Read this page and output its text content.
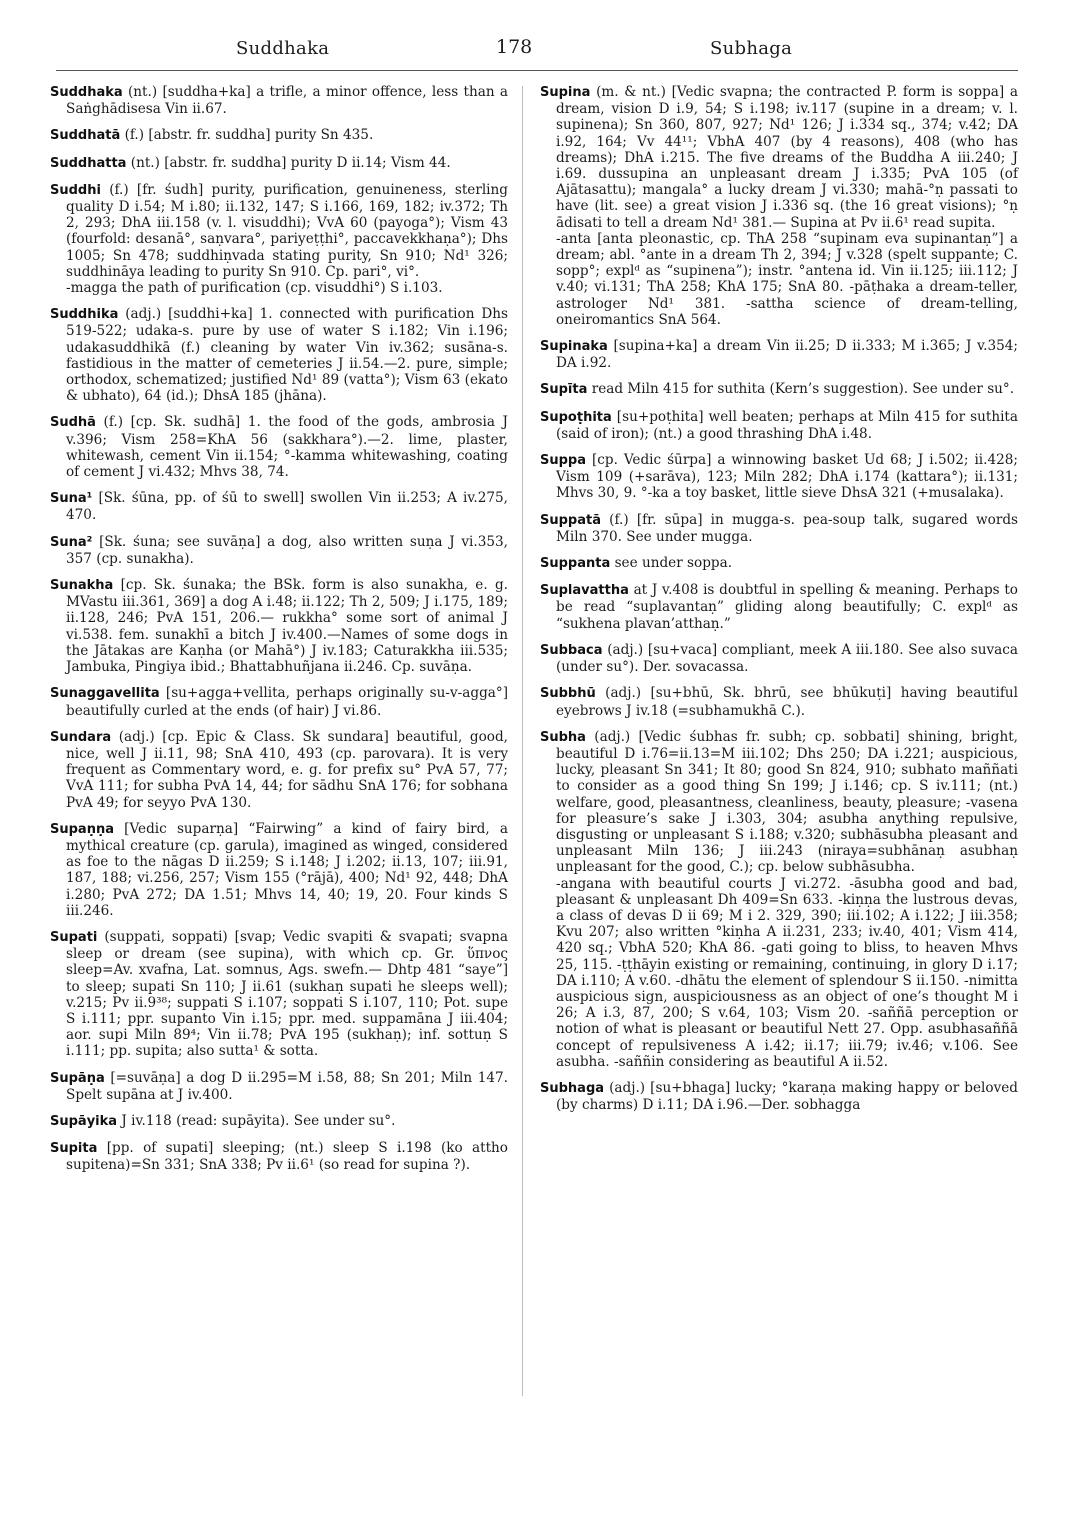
Suddhaka	178	Subhaga

Suddhaka (nt.) [suddha+ka] a trifle, a minor offence, less than a Saṅghādisesa Vin ii.67.

Suddhatā (f.) [abstr. fr. suddha] purity Sn 435.

Suddhatta (nt.) [abstr. fr. suddha] purity D ii.14; Vism 44.

Suddhi (f.) [fr. śudh] purity, purification, genuineness, sterling quality D i.54; M i.80; ii.132, 147; S i.166, 169, 182; iv.372; Th 2, 293; DhA iii.158 (v. l. visuddhi); VvA 60 (payoga°); Vism 43 (fourfold: desanā°, saṇvara°, pariyeṭṭhi°, paccavekkhaṇa°); Dhs 1005; Sn 478; suddhiṇvada stating purity, Sn 910; Nd¹ 326; suddhināya leading to purity Sn 910. Cp. pari°, vi°.

-magga the path of purification (cp. visuddhi°) S i.103.

Suddhika (adj.) [suddhi+ka] 1. connected with purification Dhs 519-522; udaka-s. pure by use of water S i.182; Vin i.196; udakasuddhikā (f.) cleaning by water Vin iv.362; susāna-s. fastidious in the matter of cemeteries J ii.54.—2. pure, simple; orthodox, schematized; justified Nd¹ 89 (vatta°); Vism 63 (ekato & ubhato), 64 (id.); DhsA 185 (jhāna).

Sudhā (f.) [cp. Sk. sudhā] 1. the food of the gods, ambrosia J v.396; Vism 258=KhA 56 (sakkhara°).—2. lime, plaster, whitewash, cement Vin ii.154; °-kamma whitewashing, coating of cement J vi.432; Mhvs 38, 74.

Suna¹ [Sk. śūna, pp. of śū to swell] swollen Vin ii.253; A iv.275, 470.

Suna² [Sk. śuna; see suvāṇa] a dog, also written suṇa J vi.353, 357 (cp. sunakha).

Sunakha [cp. Sk. śunaka; the BSk. form is also sunakha, e. g. MVastu iii.361, 369] a dog A i.48; ii.122; Th 2, 509; J i.175, 189; ii.128, 246; PvA 151, 206.— rukkha° some sort of animal J vi.538. fem. sunakhī a bitch J iv.400.—Names of some dogs in the Jātakas are Kaṇha (or Mahā°) J iv.183; Caturakkha iii.535; Jambuka, Pingiya ibid.; Bhattabhuñjana ii.246. Cp. suvāṇa.

Sunaggavellita [su+agga+vellita, perhaps originally su-v-agga°] beautifully curled at the ends (of hair) J vi.86.

Sundara (adj.) [cp. Epic & Class. Sk sundara] beautiful, good, nice, well J ii.11, 98; SnA 410, 493 (cp. parovara). It is very frequent as Commentary word, e. g. for prefix su° PvA 57, 77; VvA 111; for subha PvA 14, 44; for sādhu SnA 176; for sobhana PvA 49; for seyyo PvA 130.

Supaṇṇa [Vedic suparṇa] “Fairwing” a kind of fairy bird, a mythical creature (cp. garula), imagined as winged, considered as foe to the nāgas D ii.259; S i.148; J i.202; ii.13, 107; iii.91, 187, 188; vi.256, 257; Vism 155 (°rājā), 400; Nd¹ 92, 448; DhA i.280; PvA 272; DA 1.51; Mhvs 14, 40; 19, 20. Four kinds S iii.246.

Supati (suppati, soppati) [svap; Vedic svapiti & svapati; svapna sleep or dream (see supina), with which cp. Gr. ὕπνος sleep=Av. xvafna, Lat. somnus, Ags. swefn.— Dhtp 481 “saye”] to sleep; supati Sn 110; J ii.61 (sukhaṇ supati he sleeps well); v.215; Pv ii.9³⁸; suppati S i.107; soppati S i.107, 110; Pot. supe S i.111; ppr. supanto Vin i.15; ppr. med. suppamāna J iii.404; aor. supi Miln 89⁴; Vin ii.78; PvA 195 (sukhaṇ); inf. sottuṇ S i.111; pp. supita; also sutta¹ & sotta.

Supāṇa [=suvāṇa] a dog D ii.295=M i.58, 88; Sn 201; Miln 147. Spelt supāna at J iv.400.

Supāyika J iv.118 (read: supāyita). See under su°.

Supita [pp. of supati] sleeping; (nt.) sleep S i.198 (ko attho supitena)=Sn 331; SnA 338; Pv ii.6¹ (so read for supina ?).

Supina (m. & nt.) [Vedic svapna; the contracted P. form is soppa] a dream, vision D i.9, 54; S i.198; iv.117 (supine in a dream; v. l. supinena); Sn 360, 807, 927; Nd¹ 126; J i.334 sq., 374; v.42; DA i.92, 164; Vv 44¹¹; VbhA 407 (by 4 reasons), 408 (who has dreams); DhA i.215. The five dreams of the Buddha A iii.240; J i.69. dussupina an unpleasant dream J i.335; PvA 105 (of Ajātasattu); mangala° a lucky dream J vi.330; mahā-°ṇ passati to have (lit. see) a great vision J i.336 sq. (the 16 great visions); °ṇ ādisati to tell a dream Nd¹ 381.— Supina at Pv ii.6¹ read supita.

-anta [anta pleonastic, cp. ThA 258 “supinam eva supinantaṇ”] a dream; abl. °ante in a dream Th 2, 394; J v.328 (spelt suppante; C. sopp°; explᵈ as “supinena”); instr. °antena id. Vin ii.125; iii.112; J v.40; vi.131; ThA 258; KhA 175; SnA 80. -pāṭhaka a dream-teller, astrologer Nd¹ 381. -sattha science of dream-telling, oneiromantics SnA 564.

Supinaka [supina+ka] a dream Vin ii.25; D ii.333; M i.365; J v.354; DA i.92.

Supīta read Miln 415 for suthita (Kern’s suggestion). See under su°.

Supoṭhita [su+poṭhita] well beaten; perhaps at Miln 415 for suthita (said of iron); (nt.) a good thrashing DhA i.48.

Suppa [cp. Vedic śūrpa] a winnowing basket Ud 68; J i.502; ii.428; Vism 109 (+sarāva), 123; Miln 282; DhA i.174 (kattara°); ii.131; Mhvs 30, 9. °-ka a toy basket, little sieve DhsA 321 (+musalaka).

Suppatā (f.) [fr. sūpa] in mugga-s. pea-soup talk, sugared words Miln 370. See under mugga.

Suppanta see under soppa.

Suplavattha at J v.408 is doubtful in spelling & meaning. Perhaps to be read “suplavantaṇ” gliding along beautifully; C. explᵈ as “sukhena plavan’atthaṇ.”

Subbaca (adj.) [su+vaca] compliant, meek A iii.180. See also suvaca (under su°). Der. sovacassa.

Subbhū (adj.) [su+bhū, Sk. bhrū, see bhūkuṭi] having beautiful eyebrows J iv.18 (=subhamukhā C.).

Subha (adj.) [Vedic śubhas fr. subh; cp. sobbati] shining, bright, beautiful D i.76=ii.13=M iii.102; Dhs 250; DA i.221; auspicious, lucky, pleasant Sn 341; It 80; good Sn 824, 910; subhato maññati to consider as a good thing Sn 199; J i.146; cp. S iv.111; (nt.) welfare, good, pleasantness, cleanliness, beauty, pleasure; -vasena for pleasure’s sake J i.303, 304; asubha anything repulsive, disgusting or unpleasant S i.188; v.320; subhāsubha pleasant and unpleasant Miln 136; J iii.243 (niraya=subhānaṇ asubhaṇ unpleasant for the good, C.); cp. below subhāsubha.

-angana with beautiful courts J vi.272. -āsubha good and bad, pleasant & unpleasant Dh 409=Sn 633. -kiṇṇa the lustrous devas, a class of devas D ii 69; M i 2. 329, 390; iii.102; A i.122; J iii.358; Kvu 207; also written °kiṇha A ii.231, 233; iv.40, 401; Vism 414, 420 sq.; VbhA 520; KhA 86. -gati going to bliss, to heaven Mhvs 25, 115. -ṭṭhāyin existing or remaining, continuing, in glory D i.17; DA i.110; A v.60. -dhātu the element of splendour S ii.150. -nimitta auspicious sign, auspiciousness as an object of one’s thought M i 26; A i.3, 87, 200; S v.64, 103; Vism 20. -saññā perception or notion of what is pleasant or beautiful Nett 27. Opp. asubhasaññā concept of repulsiveness A i.42; ii.17; iii.79; iv.46; v.106. See asubha. -saññin considering as beautiful A ii.52.

Subhaga (adj.) [su+bhaga] lucky; °karaṇa making happy or beloved (by charms) D i.11; DA i.96.—Der. sobhagga
